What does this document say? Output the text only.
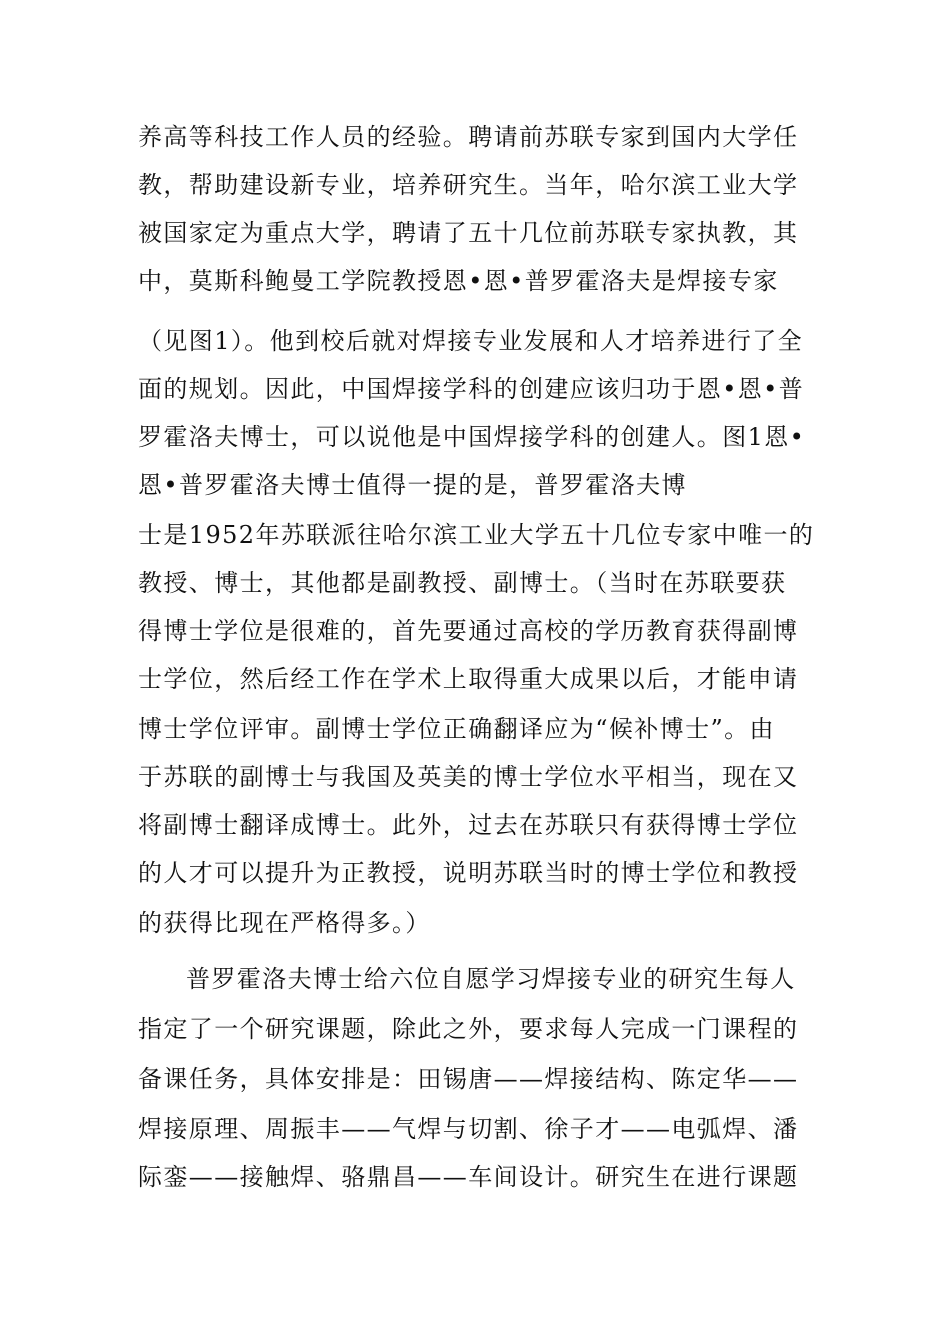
养高等科技工作人员的经验。聘请前苏联专家到国内大学任
教，帮助建设新专业，培养研究生。当年，哈尔滨工业大学
被国家定为重点大学，聘请了五十几位前苏联专家执教，其
中，莫斯科鲍曼工学院教授恩•恩•普罗霍洛夫是焊接专家
（见图1）。他到校后就对焊接专业发展和人才培养进行了全
面的规划。因此，中国焊接学科的创建应该归功于恩•恩•普
罗霍洛夫博士，可以说他是中国焊接学科的创建人。图1恩•
恩•普罗霍洛夫博士值得一提的是，普罗霍洛夫博
士是1952年苏联派往哈尔滨工业大学五十几位专家中唯一的
教授、博士，其他都是副教授、副博士。（当时在苏联要获
得博士学位是很难的，首先要通过高校的学历教育获得副博
士学位，然后经工作在学术上取得重大成果以后，才能申请
博士学位评审。副博士学位正确翻译应为“候补博士”。由
于苏联的副博士与我国及英美的博士学位水平相当，现在又
将副博士翻译成博士。此外，过去在苏联只有获得博士学位
的人才可以提升为正教授，说明苏联当时的博士学位和教授
的获得比现在严格得多。）
普罗霍洛夫博士给六位自愿学习焊接专业的研究生每人
指定了一个研究课题，除此之外，要求每人完成一门课程的
备课任务，具体安排是：田锡唐——焊接结构、陈定华——
焊接原理、周振丰——气焊与切割、徐子才——电弧焊、潘
际銮——接触焊、骆鼎昌——车间设计。研究生在进行课题
